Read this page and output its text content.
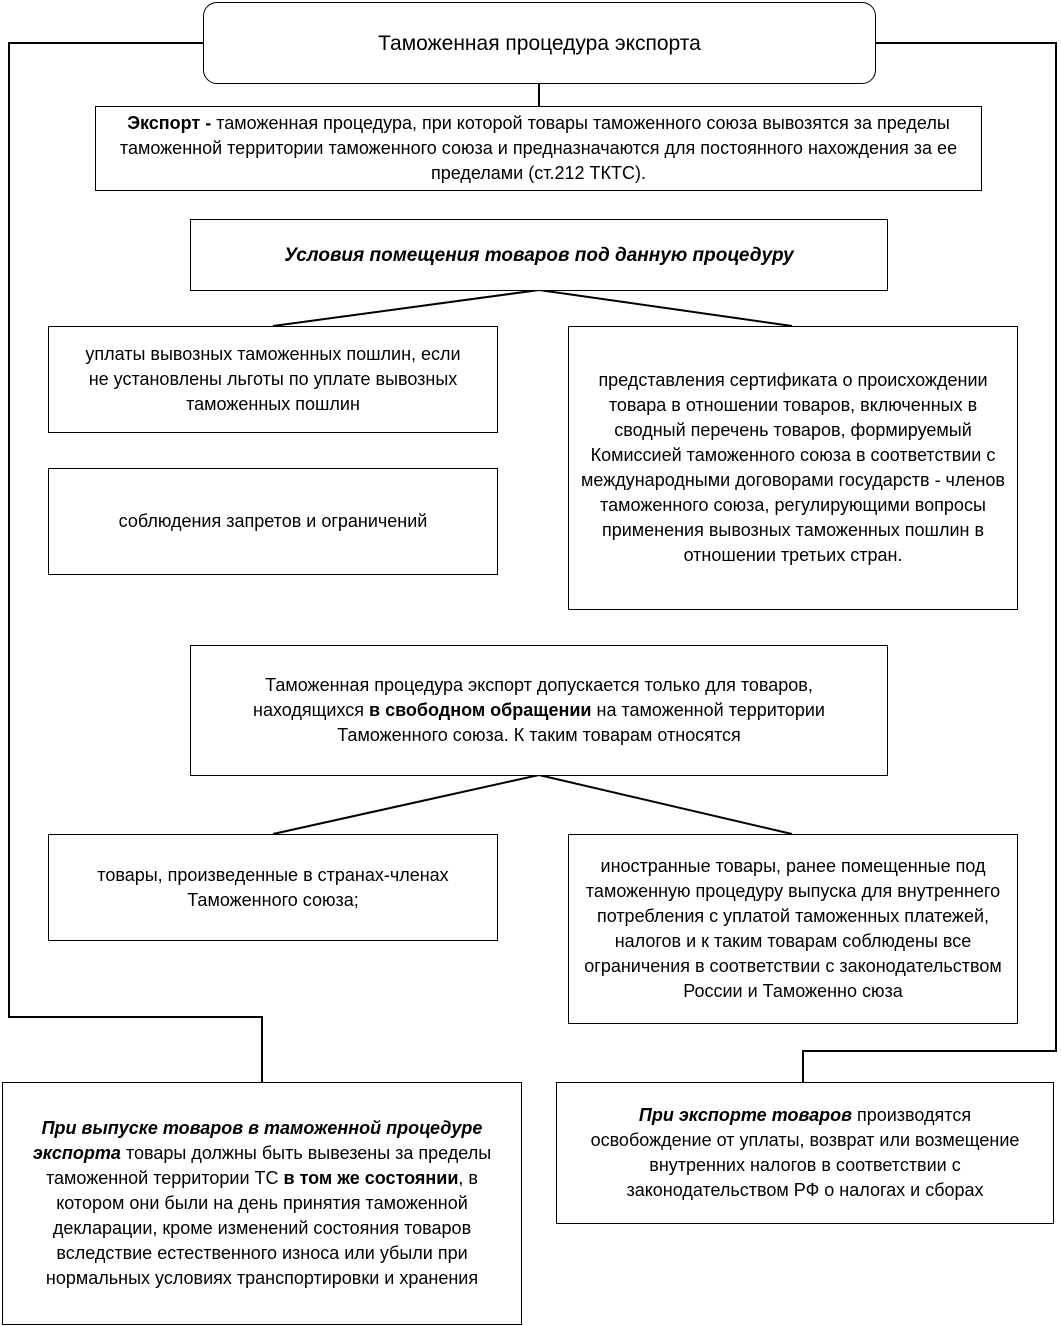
Таможенная процедура экспорта

Экспорт - таможенная процедура, при которой товары таможенного союза вывозятся за пределы таможенной территории таможенного союза и предназначаются для постоянного нахождения за ее пределами (ст.212 ТКТС).

Условия помещения товаров под данную процедуру
уплаты вывозных таможенных пошлин, если не установлены льготы по уплате вывозных таможенных пошлин
соблюдения запретов и ограничений
представления сертификата о происхождении товара в отношении товаров, включенных в сводный перечень товаров, формируемый Комиссией таможенного союза в соответствии с международными договорами государств - членов таможенного союза, регулирующими вопросы применения вывозных таможенных пошлин в отношении третьих стран.

Таможенная процедура экспорт допускается только для товаров, находящихся в свободном обращении на таможенной территории Таможенного союза. К таким товарам относятся

товары, произведенные в странах-членах Таможенного союза;
иностранные товары, ранее помещенные под таможенную процедуру выпуска для внутреннего потребления с уплатой таможенных платежей, налогов и к таким товарам соблюдены все ограничения в соответствии с законодательством России и Таможенно сюза

При выпуске товаров в таможенной процедуре экспорта товары должны быть вывезены за пределы таможенной территории ТС в том же состоянии, в котором они были на день принятия таможенной декларации, кроме изменений состояния товаров вследствие естественного износа или убыли при нормальных условиях транспортировки и хранения

При экспорте товаров производятся освобождение от уплаты, возврат или возмещение внутренних налогов в соответствии с законодательством РФ о налогах и сборах
